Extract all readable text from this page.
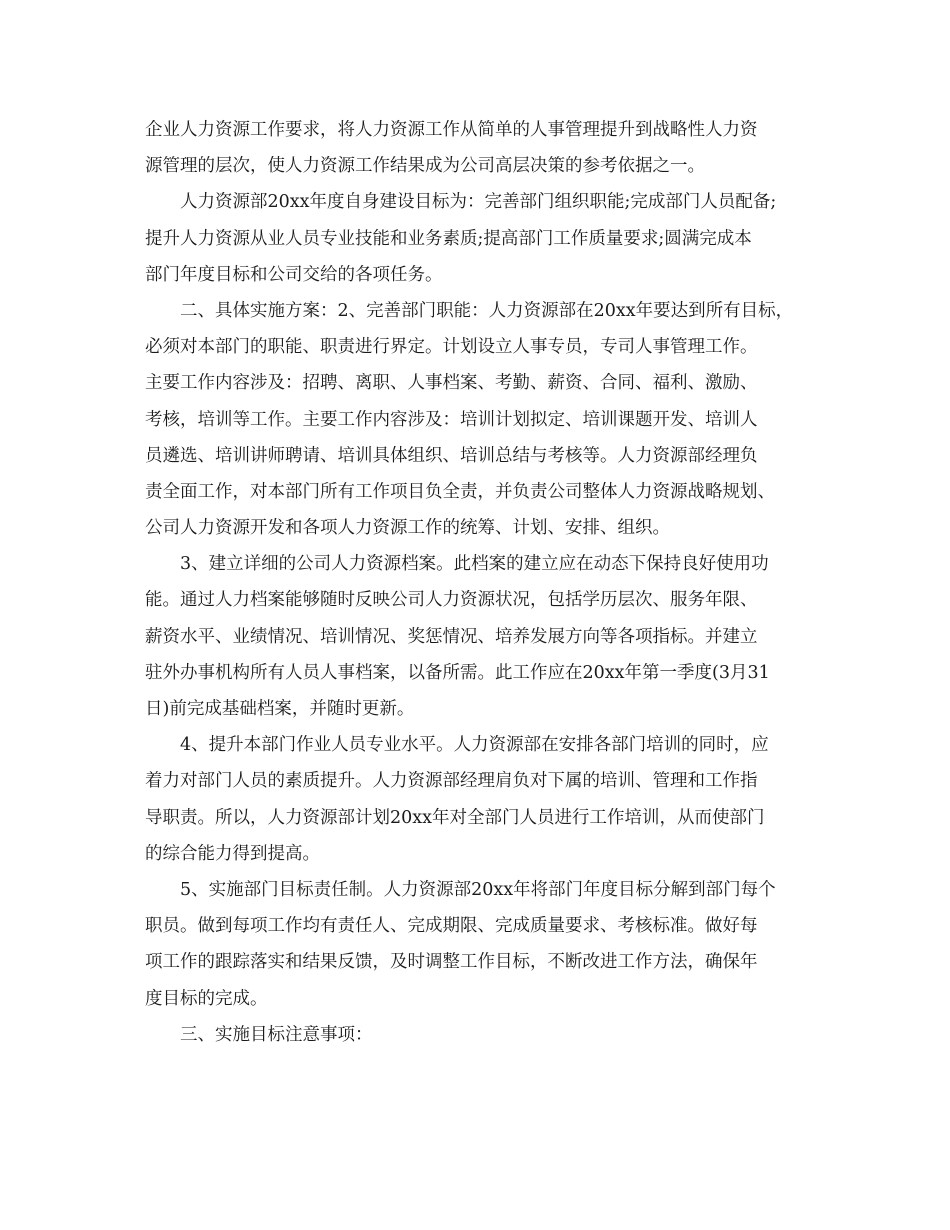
企业人力资源工作要求，将人力资源工作从简单的人事管理提升到战略性人力资
源管理的层次，使人力资源工作结果成为公司高层决策的参考依据之一。
人力资源部20xx年度自身建设目标为：完善部门组织职能;完成部门人员配备;
提升人力资源从业人员专业技能和业务素质;提高部门工作质量要求;圆满完成本
部门年度目标和公司交给的各项任务。
二、具体实施方案：2、完善部门职能：人力资源部在20xx年要达到所有目标，
必须对本部门的职能、职责进行界定。计划设立人事专员，专司人事管理工作。
主要工作内容涉及：招聘、离职、人事档案、考勤、薪资、合同、福利、激励、
考核，培训等工作。主要工作内容涉及：培训计划拟定、培训课题开发、培训人
员遴选、培训讲师聘请、培训具体组织、培训总结与考核等。人力资源部经理负
责全面工作，对本部门所有工作项目负全责，并负责公司整体人力资源战略规划、
公司人力资源开发和各项人力资源工作的统筹、计划、安排、组织。
3、建立详细的公司人力资源档案。此档案的建立应在动态下保持良好使用功
能。通过人力档案能够随时反映公司人力资源状况，包括学历层次、服务年限、
薪资水平、业绩情况、培训情况、奖惩情况、培养发展方向等各项指标。并建立
驻外办事机构所有人员人事档案，以备所需。此工作应在20xx年第一季度(3月31
日)前完成基础档案，并随时更新。
4、提升本部门作业人员专业水平。人力资源部在安排各部门培训的同时，应
着力对部门人员的素质提升。人力资源部经理肩负对下属的培训、管理和工作指
导职责。所以，人力资源部计划20xx年对全部门人员进行工作培训，从而使部门
的综合能力得到提高。
5、实施部门目标责任制。人力资源部20xx年将部门年度目标分解到部门每个
职员。做到每项工作均有责任人、完成期限、完成质量要求、考核标准。做好每
项工作的跟踪落实和结果反馈，及时调整工作目标，不断改进工作方法，确保年
度目标的完成。
三、实施目标注意事项：
